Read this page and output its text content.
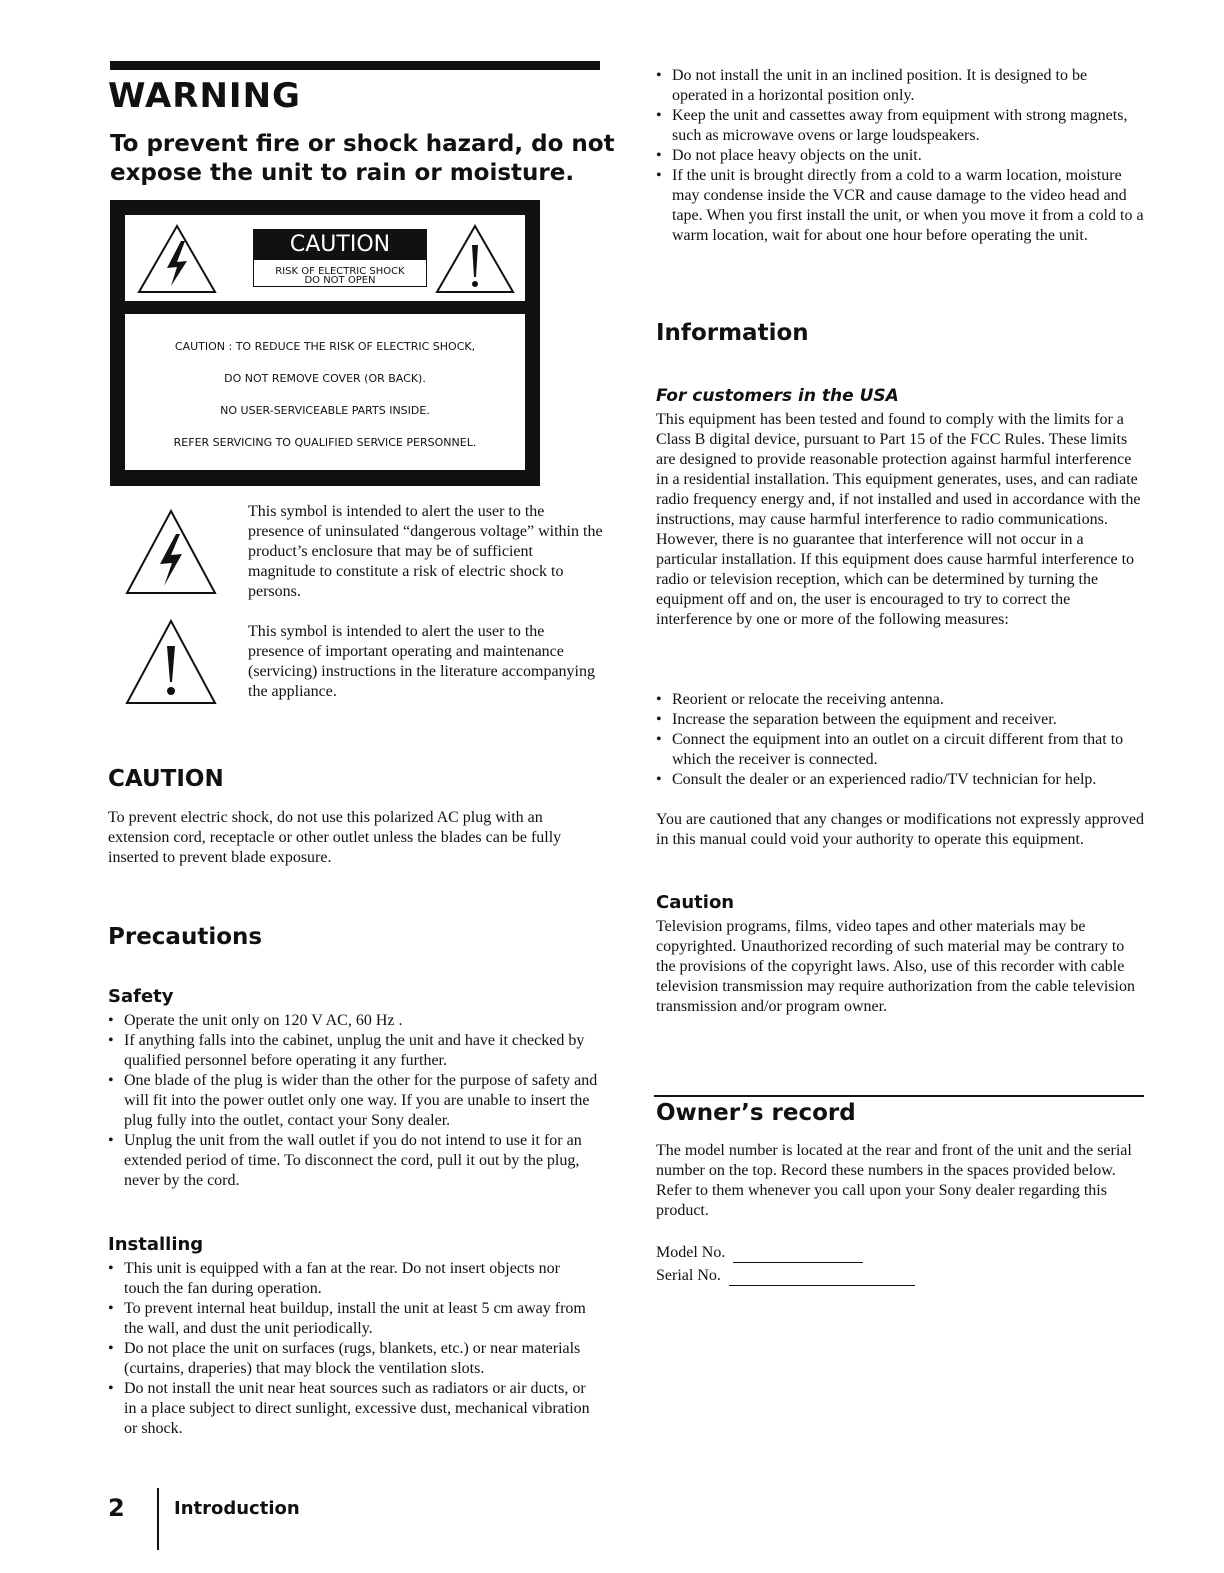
WARNING
To prevent fire or shock hazard, do not
expose the unit to rain or moisture.
CAUTION
RISK OF ELECTRIC SHOCK
DO NOT OPEN
CAUTION : TO REDUCE THE RISK OF ELECTRIC SHOCK,
DO NOT REMOVE COVER (OR BACK).
NO USER-SERVICEABLE PARTS INSIDE.
REFER SERVICING TO QUALIFIED SERVICE PERSONNEL.

This symbol is intended to alert the user to the presence of uninsulated “dangerous voltage” within the product’s enclosure that may be of sufficient magnitude to constitute a risk of electric shock to persons.

This symbol is intended to alert the user to the presence of important operating and maintenance (servicing) instructions in the literature accompanying the appliance.

CAUTION

To prevent electric shock, do not use this polarized AC plug with an extension cord, receptacle or other outlet unless the blades can be fully inserted to prevent blade exposure.

Precautions
Safety
• Operate the unit only on 120 V AC, 60 Hz .
• If anything falls into the cabinet, unplug the unit and have it checked by qualified personnel before operating it any further.
• One blade of the plug is wider than the other for the purpose of safety and will fit into the power outlet only one way. If you are unable to insert the plug fully into the outlet, contact your Sony dealer.
• Unplug the unit from the wall outlet if you do not intend to use it for an extended period of time. To disconnect the cord, pull it out by the plug, never by the cord.
Installing
• This unit is equipped with a fan at the rear. Do not insert objects nor touch the fan during operation.
• To prevent internal heat buildup, install the unit at least 5 cm away from the wall, and dust the unit periodically.
• Do not place the unit on surfaces (rugs, blankets, etc.) or near materials (curtains, draperies) that may block the ventilation slots.
• Do not install the unit near heat sources such as radiators or air ducts, or in a place subject to direct sunlight, excessive dust, mechanical vibration or shock.
2	Introduction
• Do not install the unit in an inclined position. It is designed to be operated in a horizontal position only.
• Keep the unit and cassettes away from equipment with strong magnets, such as microwave ovens or large loudspeakers.
• Do not place heavy objects on the unit.
• If the unit is brought directly from a cold to a warm location, moisture may condense inside the VCR and cause damage to the video head and tape. When you first install the unit, or when you move it from a cold to a warm location, wait for about one hour before operating the unit.
Information
For customers in the USA

This equipment has been tested and found to comply with the limits for a Class B digital device, pursuant to Part 15 of the FCC Rules. These limits are designed to provide reasonable protection against harmful interference in a residential installation. This equipment generates, uses, and can radiate radio frequency energy and, if not installed and used in accordance with the instructions, may cause harmful interference to radio communications. However, there is no guarantee that interference will not occur in a particular installation. If this equipment does cause harmful interference to radio or television reception, which can be determined by turning the equipment off and on, the user is encouraged to try to correct the interference by one or more of the following measures:

• Reorient or relocate the receiving antenna.
• Increase the separation between the equipment and receiver.
• Connect the equipment into an outlet on a circuit different from that to which the receiver is connected.
• Consult the dealer or an experienced radio/TV technician for help.

You are cautioned that any changes or modifications not expressly approved in this manual could void your authority to operate this equipment.

Caution

Television programs, films, video tapes and other materials may be copyrighted. Unauthorized recording of such material may be contrary to the provisions of the copyright laws. Also, use of this recorder with cable television transmission may require authorization from the cable television transmission and/or program owner.

Owner’s record

The model number is located at the rear and front of the unit and the serial number on the top. Record these numbers in the spaces provided below. Refer to them whenever you call upon your Sony dealer regarding this product.

Model No.
Serial No.
